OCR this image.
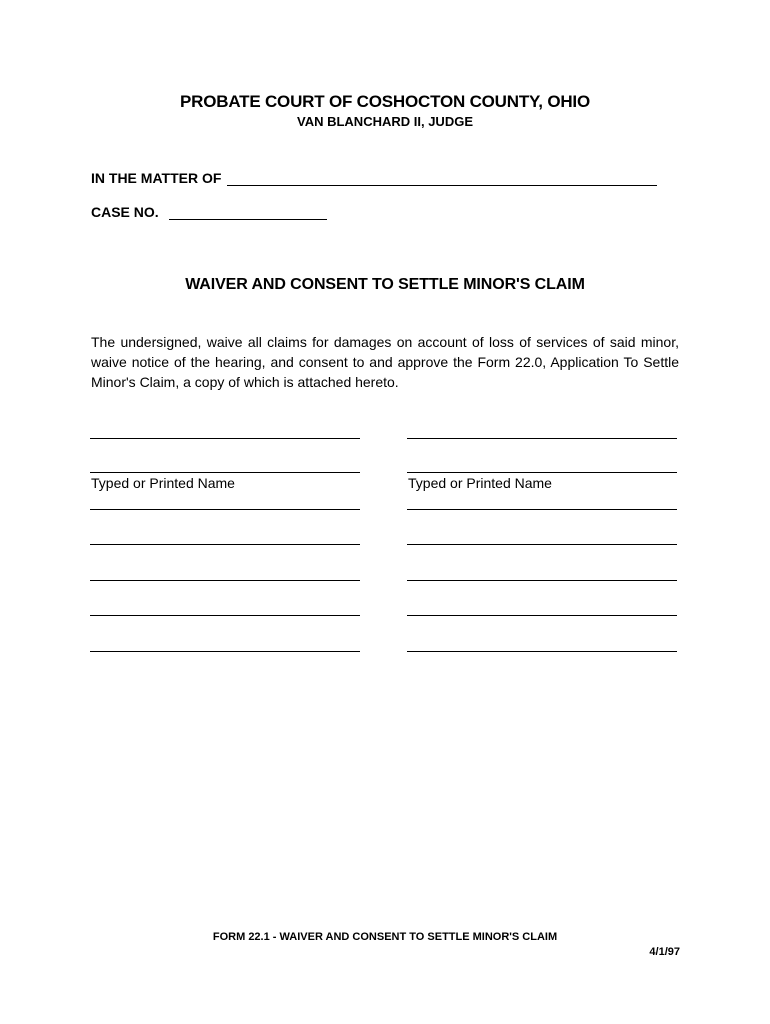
PROBATE COURT OF COSHOCTON COUNTY, OHIO
VAN BLANCHARD II, JUDGE
IN THE MATTER OF
CASE NO.
WAIVER AND CONSENT TO SETTLE MINOR'S CLAIM
The undersigned, waive all claims for damages on account of loss of services of said minor, waive notice of the hearing, and consent to and approve the Form 22.0, Application To Settle Minor's Claim, a copy of which is attached hereto.
Typed or Printed Name	Typed or Printed Name
FORM 22.1 - WAIVER AND CONSENT TO SETTLE MINOR'S CLAIM
4/1/97
